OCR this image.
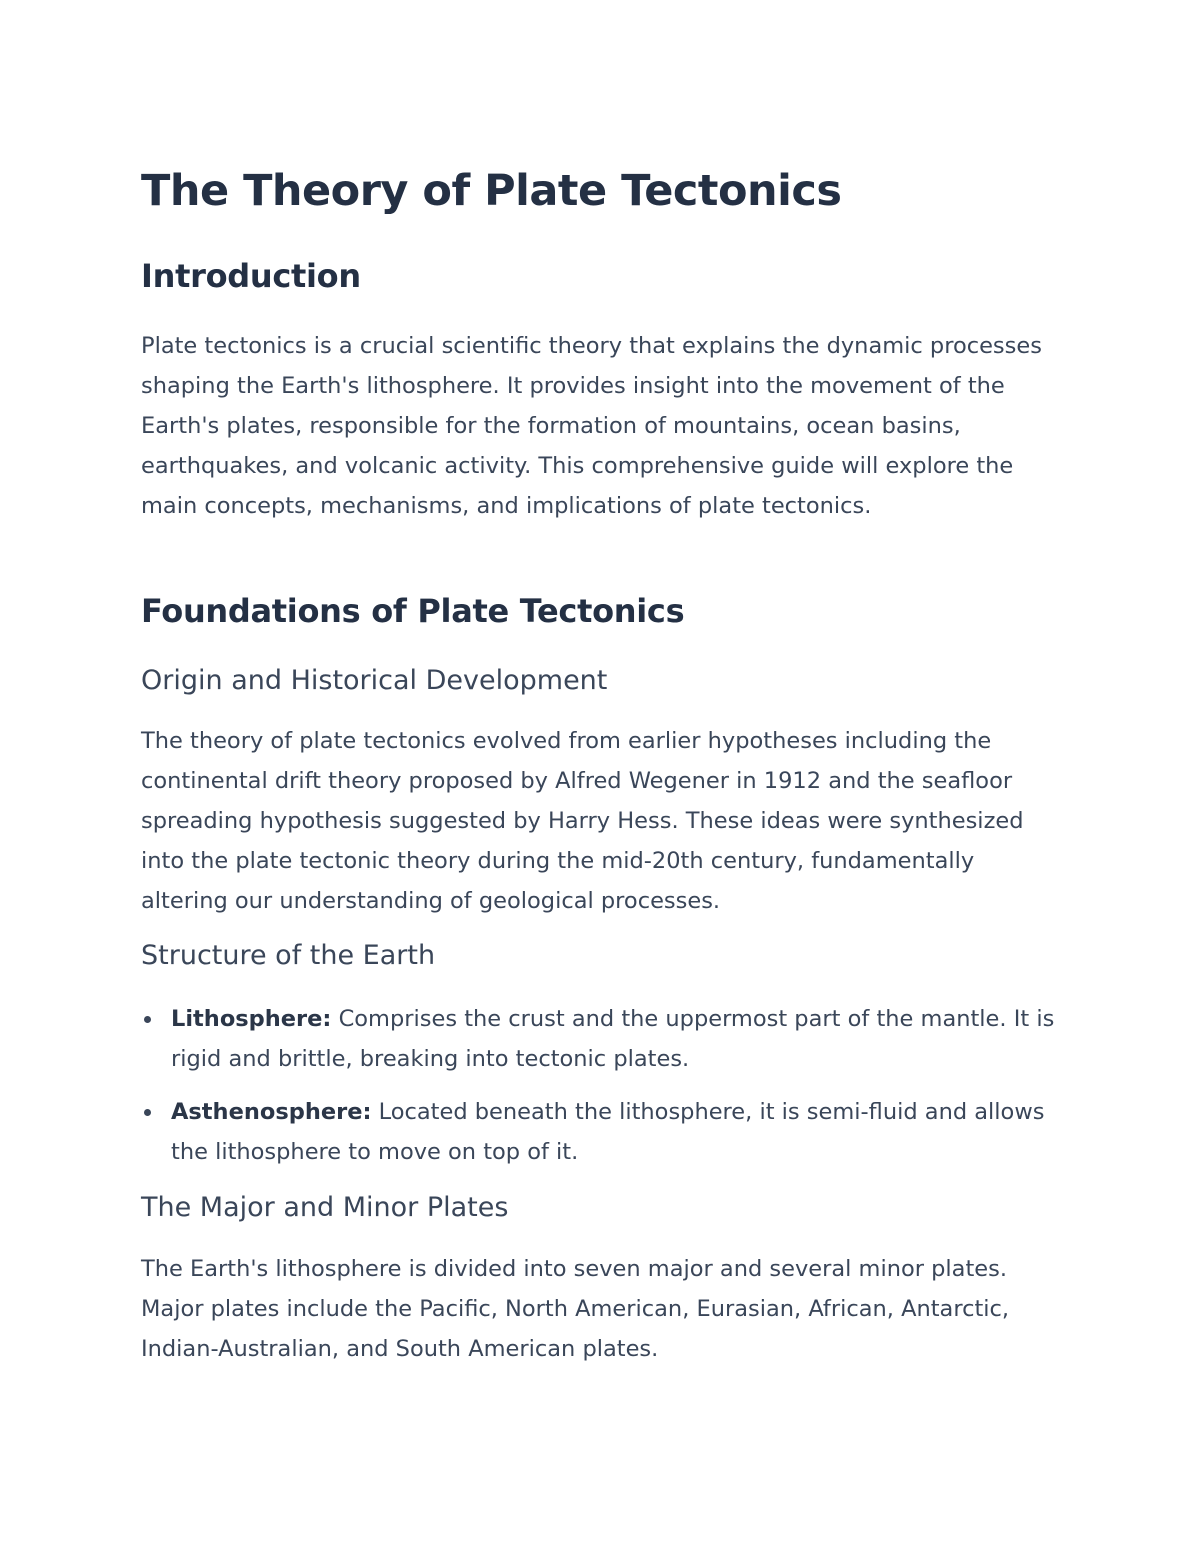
The Theory of Plate Tectonics
Introduction

Plate tectonics is a crucial scientific theory that explains the dynamic processes shaping the Earth's lithosphere. It provides insight into the movement of the Earth's plates, responsible for the formation of mountains, ocean basins, earthquakes, and volcanic activity. This comprehensive guide will explore the main concepts, mechanisms, and implications of plate tectonics.

Foundations of Plate Tectonics
Origin and Historical Development

The theory of plate tectonics evolved from earlier hypotheses including the continental drift theory proposed by Alfred Wegener in 1912 and the seafloor spreading hypothesis suggested by Harry Hess. These ideas were synthesized into the plate tectonic theory during the mid-20th century, fundamentally altering our understanding of geological processes.

Structure of the Earth
Lithosphere: Comprises the crust and the uppermost part of the mantle. It is rigid and brittle, breaking into tectonic plates.
Asthenosphere: Located beneath the lithosphere, it is semi-fluid and allows the lithosphere to move on top of it.
The Major and Minor Plates

The Earth's lithosphere is divided into seven major and several minor plates. Major plates include the Pacific, North American, Eurasian, African, Antarctic, Indian-Australian, and South American plates.
